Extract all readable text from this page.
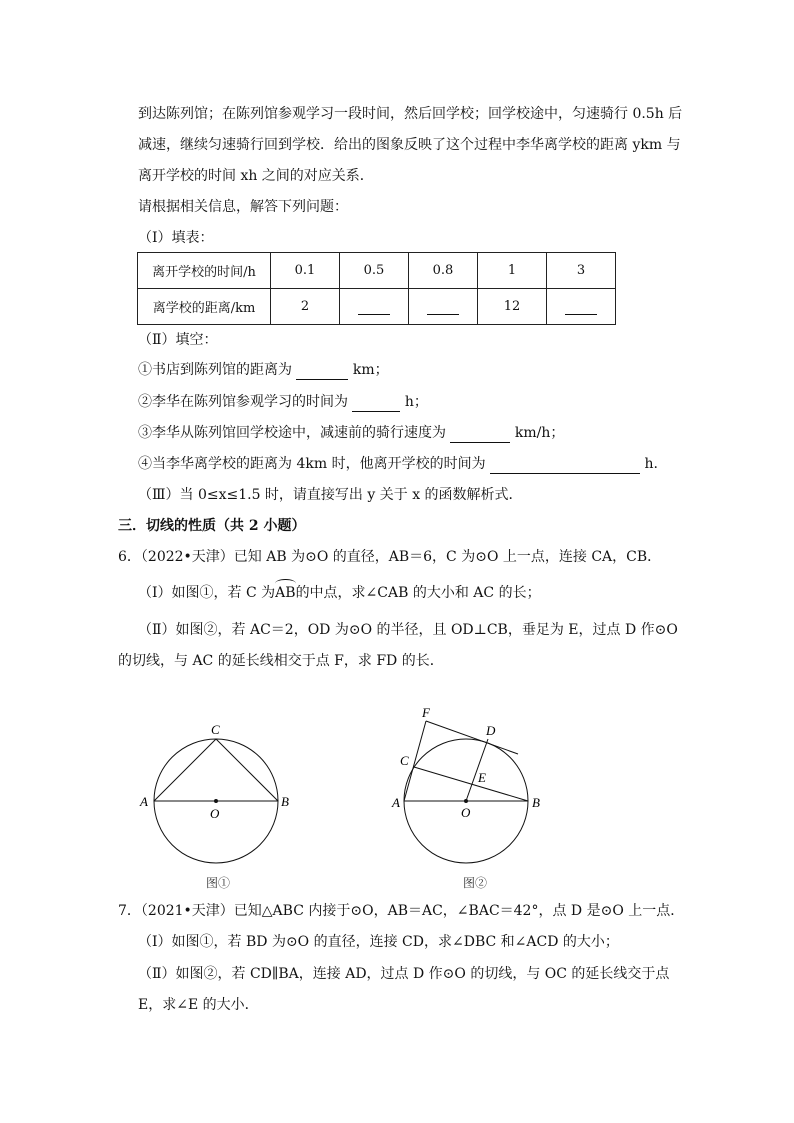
到达陈列馆；在陈列馆参观学习一段时间，然后回学校；回学校途中，匀速骑行 0.5h 后
减速，继续匀速骑行回到学校．给出的图象反映了这个过程中李华离学校的距离 ykm 与
离开学校的时间 xh 之间的对应关系．
请根据相关信息，解答下列问题：
（Ⅰ）填表：
离开学校的时间/h	0.1	0.5	0.8	1	3
离学校的距离/km	2			12	
（Ⅱ）填空：
①书店到陈列馆的距离为	km；
②李华在陈列馆参观学习的时间为	h；
③李华从陈列馆回学校途中，减速前的骑行速度为	km/h；
④当李华离学校的距离为 4km 时，他离开学校的时间为	h.
（Ⅲ）当 0≤x≤1.5 时，请直接写出 y 关于 x 的函数解析式．
三．切线的性质（共 2 小题）
6．（2022•天津）已知 AB 为⊙O 的直径，AB＝6，C 为⊙O 上一点，连接 CA，CB．
（Ⅰ）如图①，若 C 为AB的中点，求∠CAB 的大小和 AC 的长；
（Ⅱ）如图②，若 AC＝2，OD 为⊙O 的半径，且 OD⊥CB，垂足为 E，过点 D 作⊙O
的切线，与 AC 的延长线相交于点 F，求 FD 的长．
A	B
C
O
图①
A	B
C
D
E
F
O
图②
7．（2021•天津）已知△ABC 内接于⊙O，AB＝AC，∠BAC＝42°，点 D 是⊙O 上一点．
（Ⅰ）如图①，若 BD 为⊙O 的直径，连接 CD，求∠DBC 和∠ACD 的大小；
（Ⅱ）如图②，若 CD∥BA，连接 AD，过点 D 作⊙O 的切线，与 OC 的延长线交于点
E，求∠E 的大小．
